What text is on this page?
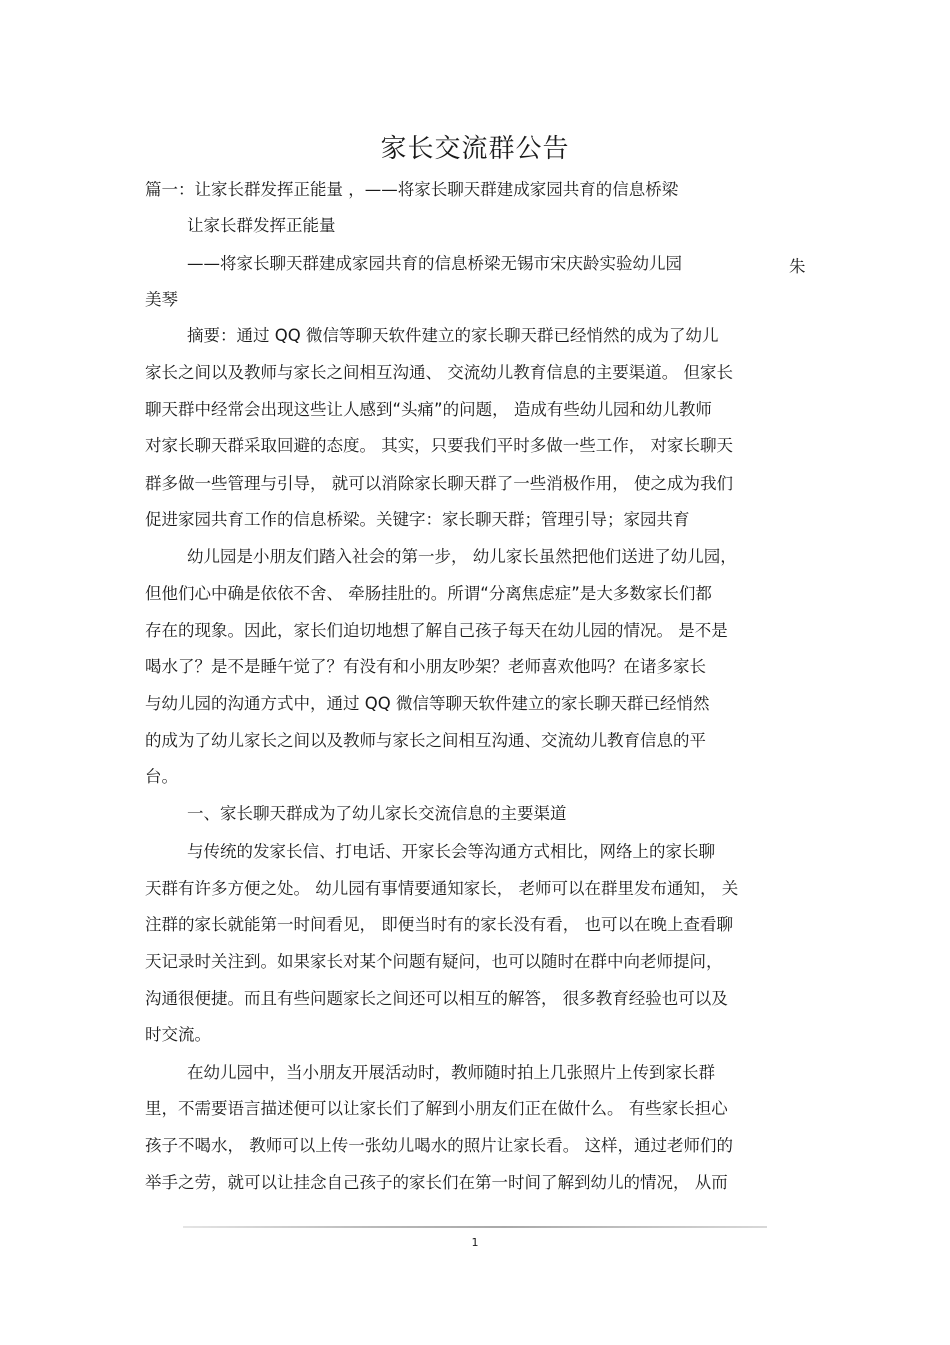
家长交流群公告
篇一：让家长群发挥正能量 ，——将家长聊天群建成家园共育的信息桥梁
让家长群发挥正能量
——将家长聊天群建成家园共育的信息桥梁无锡市宋庆龄实验幼儿园	朱
美琴
摘要：通过 QQ 微信等聊天软件建立的家长聊天群已经悄然的成为了幼儿
家长之间以及教师与家长之间相互沟通、 交流幼儿教育信息的主要渠道。 但家长
聊天群中经常会出现这些让人感到“头痛”的问题， 造成有些幼儿园和幼儿教师
对家长聊天群采取回避的态度。 其实，只要我们平时多做一些工作， 对家长聊天
群多做一些管理与引导， 就可以消除家长聊天群了一些消极作用， 使之成为我们
促进家园共育工作的信息桥梁。关键字：家长聊天群；管理引导；家园共育
幼儿园是小朋友们踏入社会的第一步， 幼儿家长虽然把他们送进了幼儿园，
但他们心中确是依依不舍、 牵肠挂肚的。所谓“分离焦虑症”是大多数家长们都
存在的现象。因此，家长们迫切地想了解自己孩子每天在幼儿园的情况。 是不是
喝水了？是不是睡午觉了？有没有和小朋友吵架？老师喜欢他吗？在诸多家长
与幼儿园的沟通方式中，通过 QQ 微信等聊天软件建立的家长聊天群已经悄然
的成为了幼儿家长之间以及教师与家长之间相互沟通、交流幼儿教育信息的平
台。
一、家长聊天群成为了幼儿家长交流信息的主要渠道
与传统的发家长信、打电话、开家长会等沟通方式相比，网络上的家长聊
天群有许多方便之处。 幼儿园有事情要通知家长， 老师可以在群里发布通知， 关
注群的家长就能第一时间看见， 即便当时有的家长没有看， 也可以在晚上查看聊
天记录时关注到。如果家长对某个问题有疑问，也可以随时在群中向老师提问，
沟通很便捷。而且有些问题家长之间还可以相互的解答， 很多教育经验也可以及
时交流。
在幼儿园中，当小朋友开展活动时，教师随时拍上几张照片上传到家长群
里，不需要语言描述便可以让家长们了解到小朋友们正在做什么。 有些家长担心
孩子不喝水， 教师可以上传一张幼儿喝水的照片让家长看。 这样，通过老师们的
举手之劳，就可以让挂念自己孩子的家长们在第一时间了解到幼儿的情况， 从而
1
